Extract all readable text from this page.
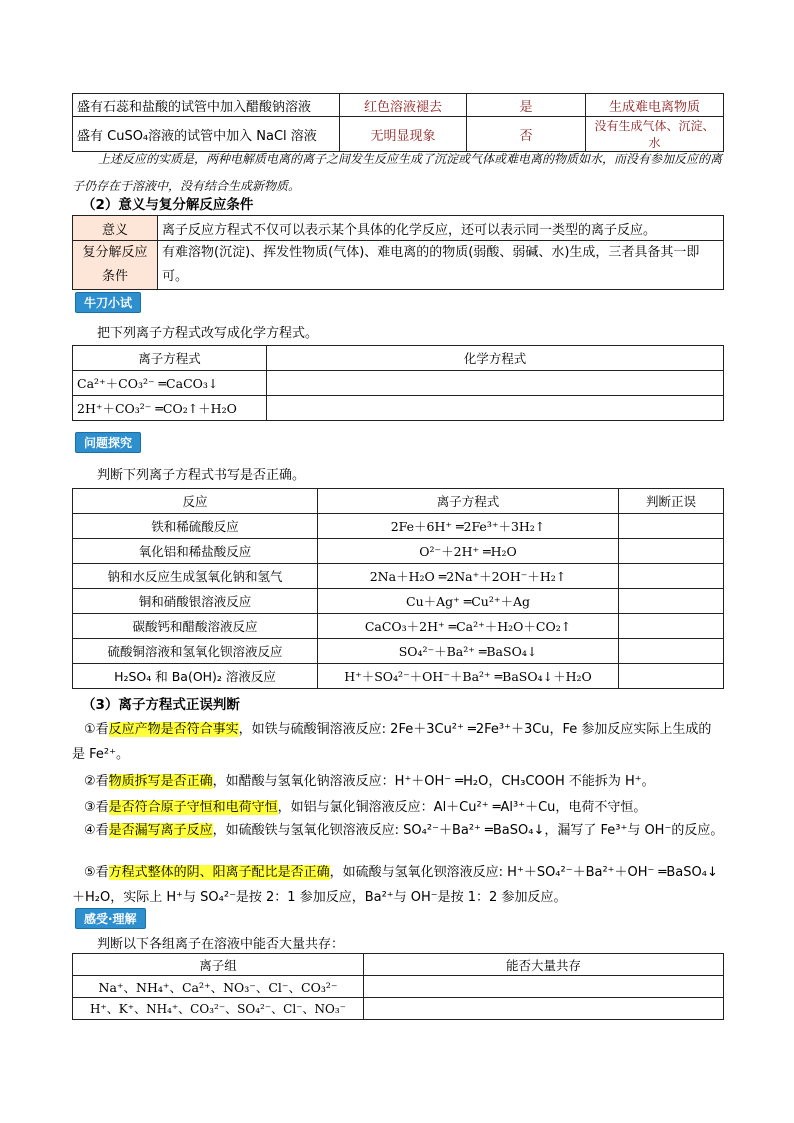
盛有石蕊和盐酸的试管中加入醋酸钠溶液	红色溶液褪去	是	生成难电离物质
盛有 CuSO₄溶液的试管中加入 NaCl 溶液	无明显现象	否	没有生成气体、沉淀、水
上述反应的实质是，两种电解质电离的离子之间发生反应生成了沉淀或气体或难电离的物质如水，而没有参加反应的离子仍存在于溶液中，没有结合生成新物质。
（2）意义与复分解反应条件
意义	离子反应方程式不仅可以表示某个具体的化学反应，还可以表示同一类型的离子反应。
复分解反应条件	有难溶物(沉淀)、挥发性物质(气体)、难电离的的物质(弱酸、弱碱、水)生成，三者具备其一即可。
牛刀小试
把下列离子方程式改写成化学方程式。
离子方程式	化学方程式
Ca²⁺＋CO₃²⁻ ═CaCO₃↓	
2H⁺＋CO₃²⁻ ═CO₂↑＋H₂O	
问题探究
判断下列离子方程式书写是否正确。
反应	离子方程式	判断正误
铁和稀硫酸反应	2Fe＋6H⁺ ═2Fe³⁺＋3H₂↑	
氧化铝和稀盐酸反应	O²⁻＋2H⁺ ═H₂O	
钠和水反应生成氢氧化钠和氢气	2Na＋H₂O ═2Na⁺＋2OH⁻＋H₂↑	
铜和硝酸银溶液反应	Cu＋Ag⁺ ═Cu²⁺＋Ag	
碳酸钙和醋酸溶液反应	CaCO₃＋2H⁺ ═Ca²⁺＋H₂O＋CO₂↑	
硫酸铜溶液和氢氧化钡溶液反应	SO₄²⁻＋Ba²⁺ ═BaSO₄↓	
H₂SO₄ 和 Ba(OH)₂ 溶液反应	H⁺＋SO₄²⁻＋OH⁻＋Ba²⁺ ═BaSO₄↓＋H₂O	
（3）离子方程式正误判断
①看反应产物是否符合事实，如铁与硫酸铜溶液反应: 2Fe＋3Cu²⁺ ═2Fe³⁺＋3Cu，Fe 参加反应实际上生成的是 Fe²⁺。
②看物质拆写是否正确，如醋酸与氢氧化钠溶液反应：H⁺＋OH⁻ ═H₂O，CH₃COOH 不能拆为 H⁺。
③看是否符合原子守恒和电荷守恒，如铝与氯化铜溶液反应：Al＋Cu²⁺ ═Al³⁺＋Cu，电荷不守恒。
④看是否漏写离子反应，如硫酸铁与氢氧化钡溶液反应: SO₄²⁻＋Ba²⁺ ═BaSO₄↓，漏写了 Fe³⁺与 OH⁻的反应。
⑤看方程式整体的阴、阳离子配比是否正确，如硫酸与氢氧化钡溶液反应: H⁺＋SO₄²⁻＋Ba²⁺＋OH⁻ ═BaSO₄↓＋H₂O，实际上 H⁺与 SO₄²⁻是按 2：1 参加反应，Ba²⁺与 OH⁻是按 1：2 参加反应。
感受·理解
判断以下各组离子在溶液中能否大量共存：
离子组	能否大量共存
Na⁺、NH₄⁺、Ca²⁺、NO₃⁻、Cl⁻、CO₃²⁻	
H⁺、K⁺、NH₄⁺、CO₃²⁻、SO₄²⁻、Cl⁻、NO₃⁻	
